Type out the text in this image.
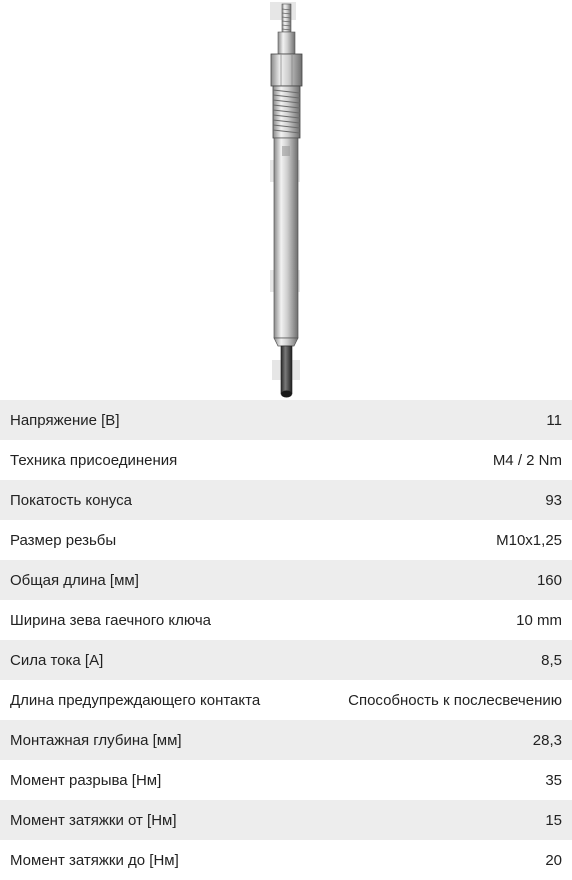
Напряжение [В]	11
Техника присоединения	M4 / 2 Nm
Покатость конуса	93
Размер резьбы	M10x1,25
Общая длина [мм]	160
Ширина зева гаечного ключа	10 mm
Сила тока [А]	8,5
Длина предупреждающего контакта	Способность к послесвечению
Монтажная глубина [мм]	28,3
Момент разрыва [Нм]	35
Момент затяжки от [Нм]	15
Момент затяжки до [Нм]	20
